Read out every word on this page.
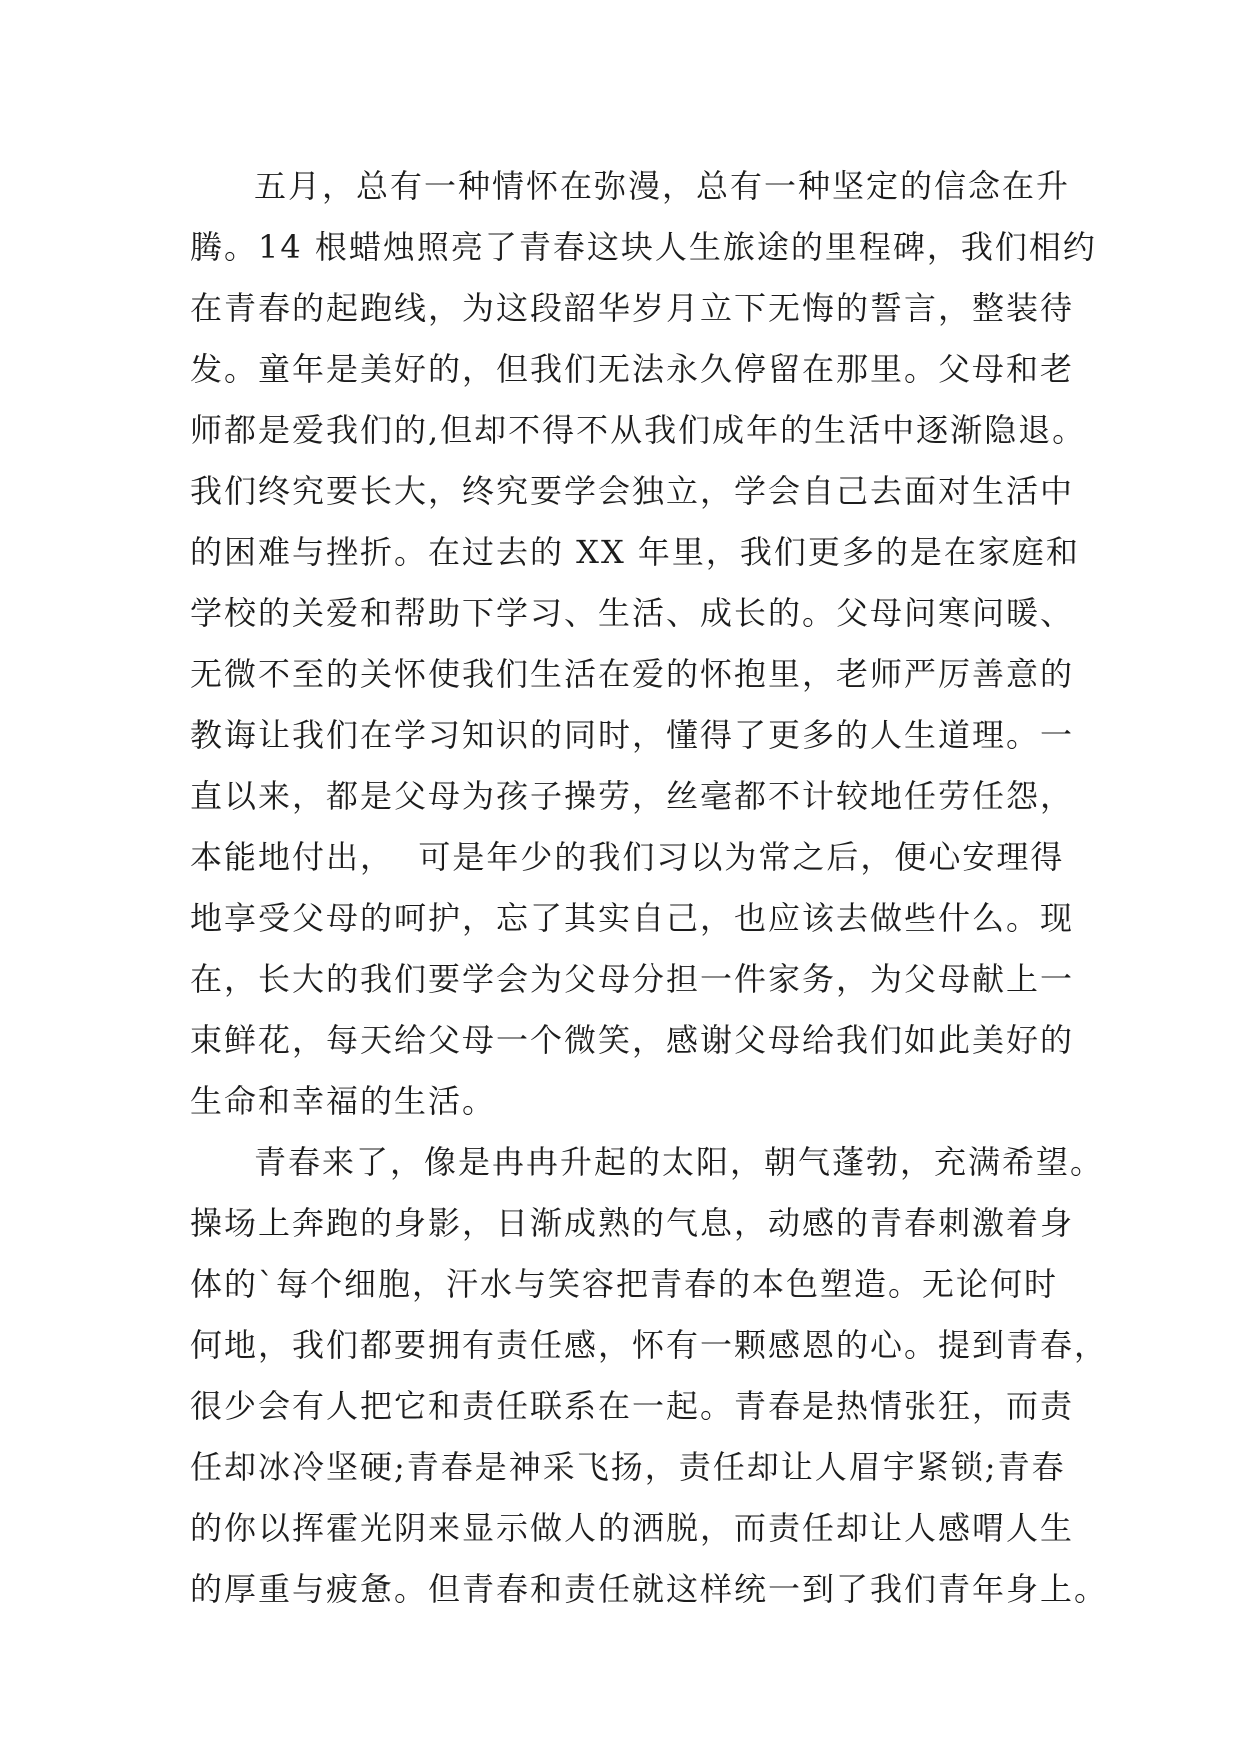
五月，总有一种情怀在弥漫，总有一种坚定的信念在升
腾。14 根蜡烛照亮了青春这块人生旅途的里程碑，我们相约
在青春的起跑线，为这段韶华岁月立下无悔的誓言，整装待
发。童年是美好的，但我们无法永久停留在那里。父母和老
师都是爱我们的,但却不得不从我们成年的生活中逐渐隐退。
我们终究要长大，终究要学会独立，学会自己去面对生活中
的困难与挫折。在过去的 XX 年里，我们更多的是在家庭和
学校的关爱和帮助下学习、生活、成长的。父母问寒问暖、
无微不至的关怀使我们生活在爱的怀抱里，老师严厉善意的
教诲让我们在学习知识的同时，懂得了更多的人生道理。一
直以来，都是父母为孩子操劳，丝毫都不计较地任劳任怨，
本能地付出，  可是年少的我们习以为常之后，便心安理得
地享受父母的呵护，忘了其实自己，也应该去做些什么。现
在，长大的我们要学会为父母分担一件家务，为父母献上一
束鲜花，每天给父母一个微笑，感谢父母给我们如此美好的
生命和幸福的生活。
青春来了，像是冉冉升起的太阳，朝气蓬勃，充满希望。
操场上奔跑的身影，日渐成熟的气息，动感的青春刺激着身
体的`每个细胞，汗水与笑容把青春的本色塑造。无论何时
何地，我们都要拥有责任感，怀有一颗感恩的心。提到青春，
很少会有人把它和责任联系在一起。青春是热情张狂，而责
任却冰冷坚硬;青春是神采飞扬，责任却让人眉宇紧锁;青春
的你以挥霍光阴来显示做人的洒脱，而责任却让人感喟人生
的厚重与疲惫。但青春和责任就这样统一到了我们青年身上。
